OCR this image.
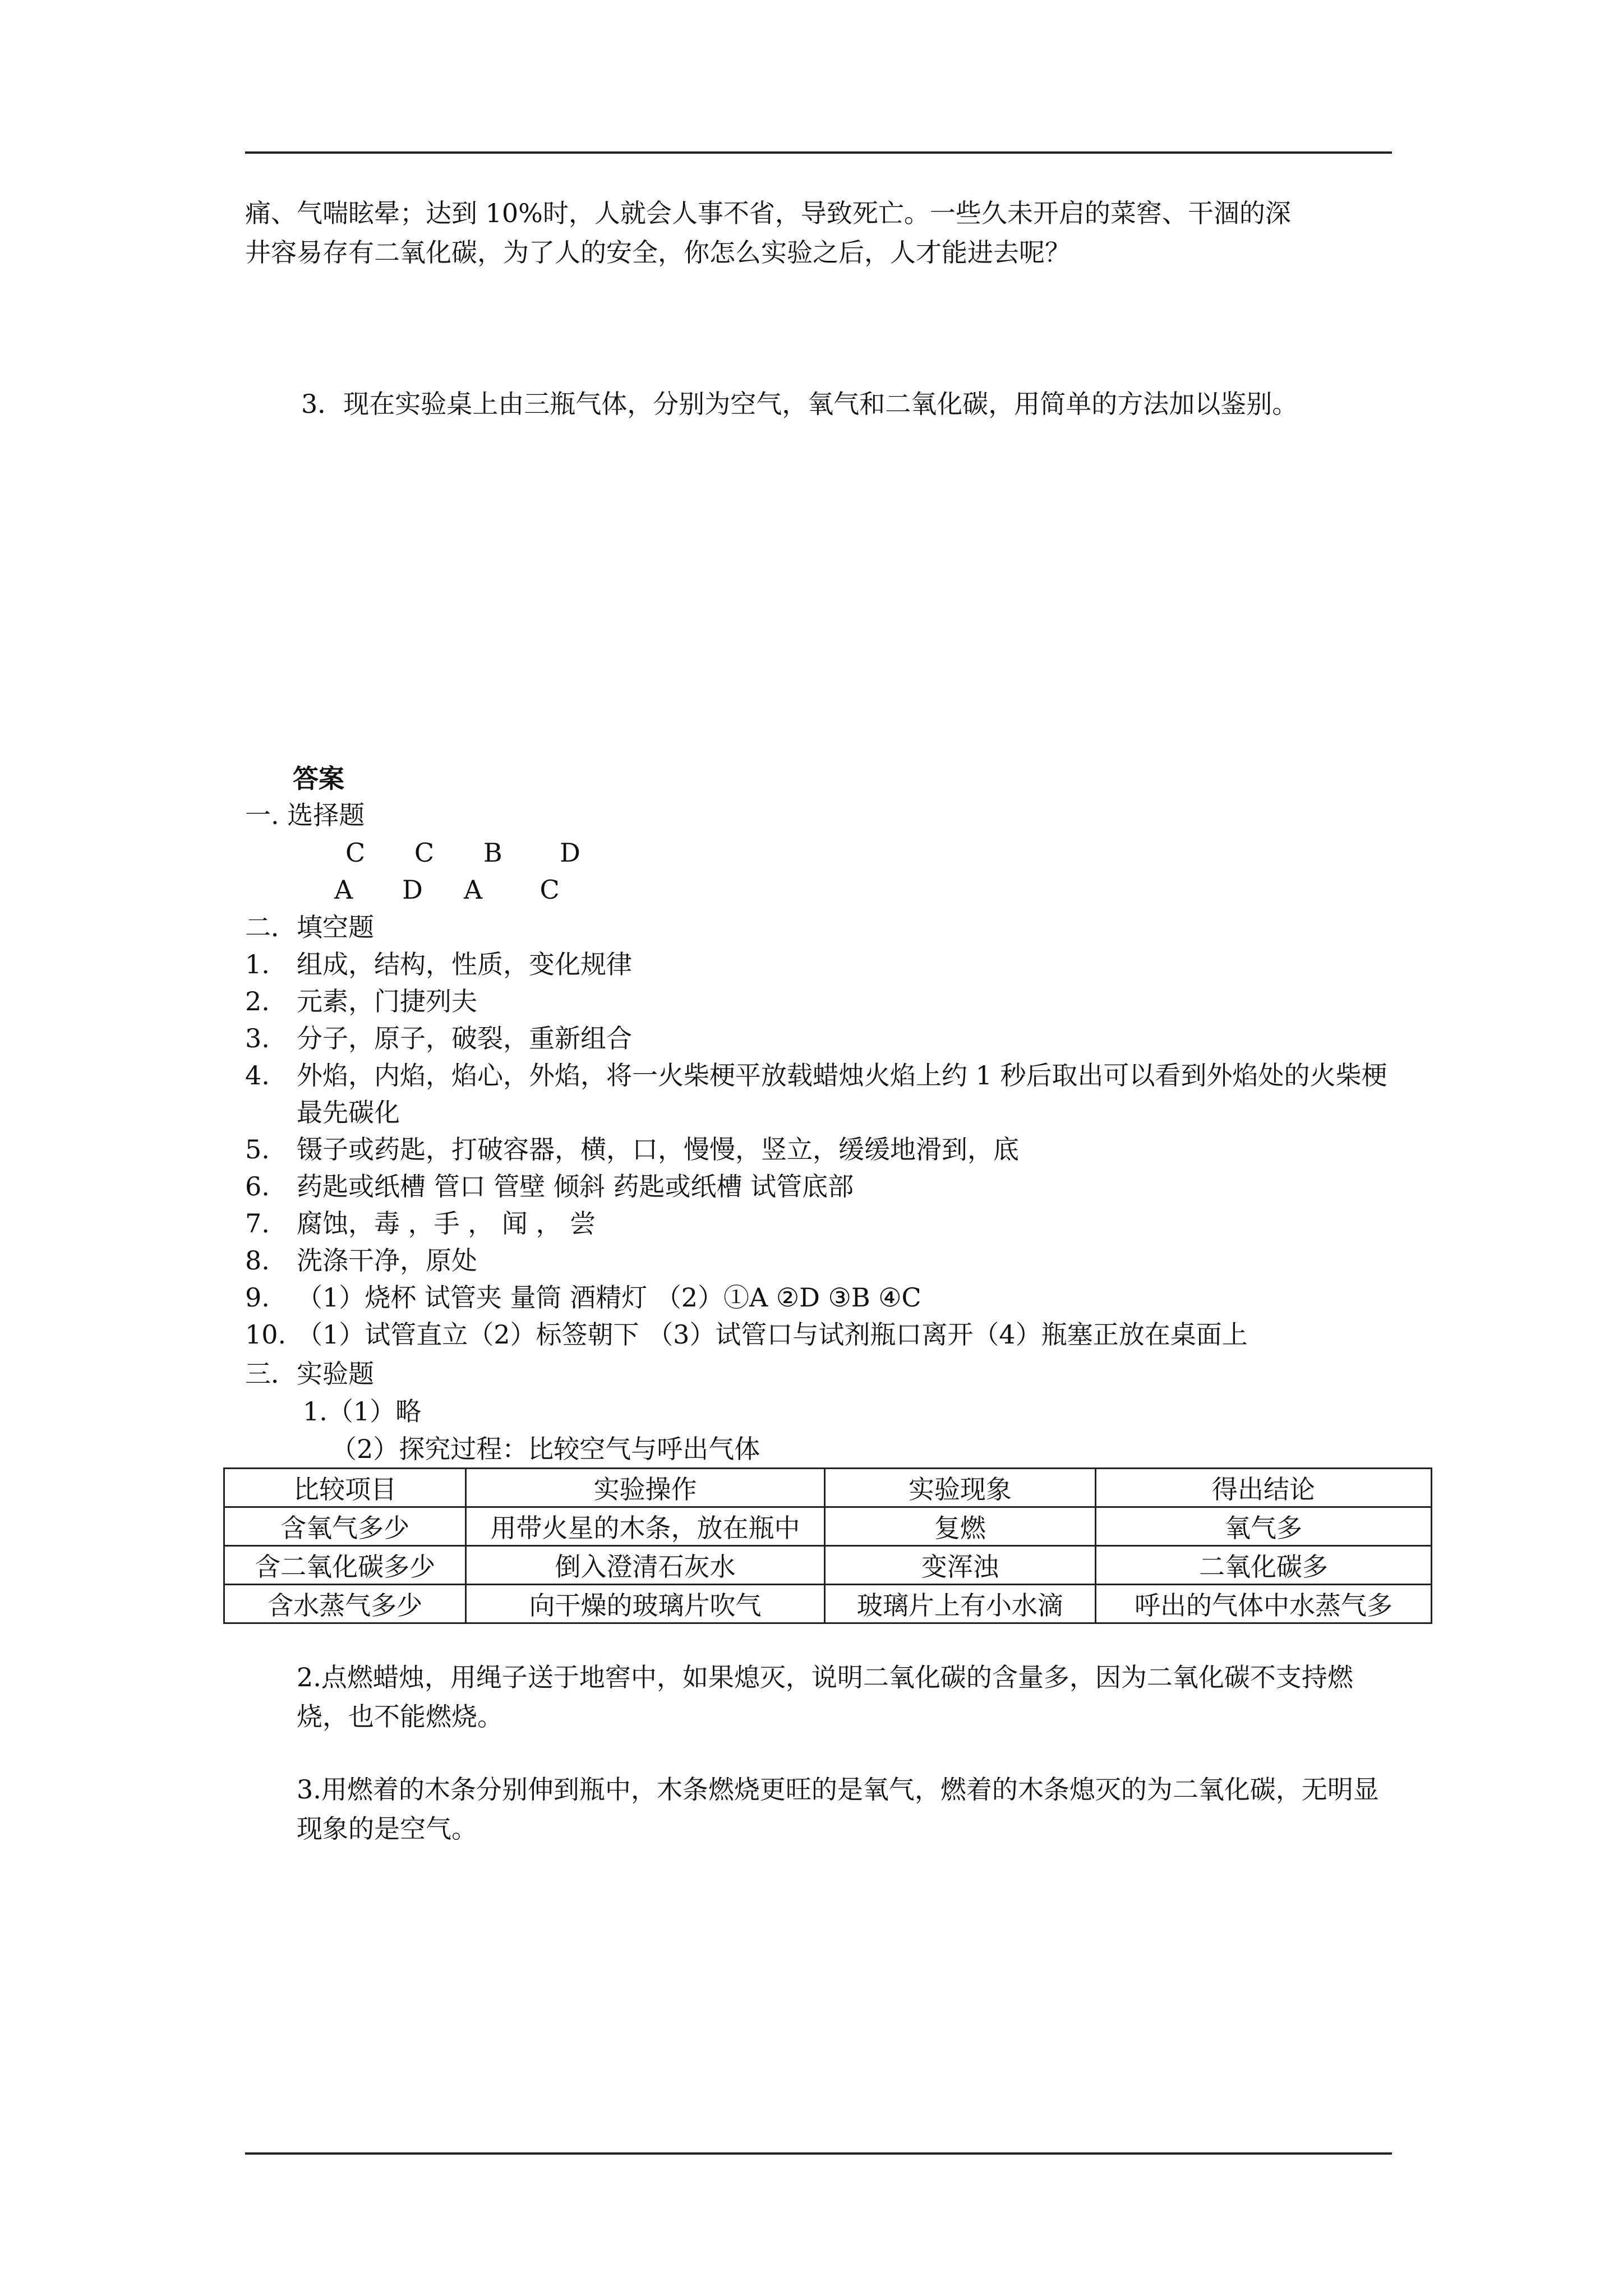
痛、气喘眩晕；达到 10%时，人就会人事不省，导致死亡。一些久未开启的菜窖、干涸的深

井容易存有二氧化碳，为了人的安全，你怎么实验之后，人才能进去呢？

3．现在实验桌上由三瓶气体，分别为空气，氧气和二氧化碳，用简单的方法加以鉴别。

答案
一. 选择题
C      C      B       D
A      D     A       C
二．填空题
1. 组成，结构，性质，变化规律
2. 元素，门捷列夫
3. 分子，原子，破裂，重新组合
4. 外焰，内焰，焰心，外焰，将一火柴梗平放载蜡烛火焰上约 1 秒后取出可以看到外焰处的火柴梗最先碳化
5. 镊子或药匙，打破容器，横，口，慢慢，竖立，缓缓地滑到，底
6. 药匙或纸槽 管口 管壁 倾斜 药匙或纸槽 试管底部
7. 腐蚀，毒 ，手 ， 闻 ， 尝
8. 洗涤干净，原处
9. （1）烧杯 试管夹 量筒 酒精灯 （2）①A ②D ③B ④C
10. （1）试管直立（2）标签朝下 （3）试管口与试剂瓶口离开（4）瓶塞正放在桌面上
三．实验题
1.（1）略
（2）探究过程：比较空气与呼出气体
比较项目	实验操作	实验现象	得出结论
含氧气多少	用带火星的木条，放在瓶中	复燃	氧气多
含二氧化碳多少	倒入澄清石灰水	变浑浊	二氧化碳多
含水蒸气多少	向干燥的玻璃片吹气	玻璃片上有小水滴	呼出的气体中水蒸气多

2.点燃蜡烛，用绳子送于地窖中，如果熄灭，说明二氧化碳的含量多，因为二氧化碳不支持燃烧，也不能燃烧。

3.用燃着的木条分别伸到瓶中，木条燃烧更旺的是氧气，燃着的木条熄灭的为二氧化碳，无明显现象的是空气。
